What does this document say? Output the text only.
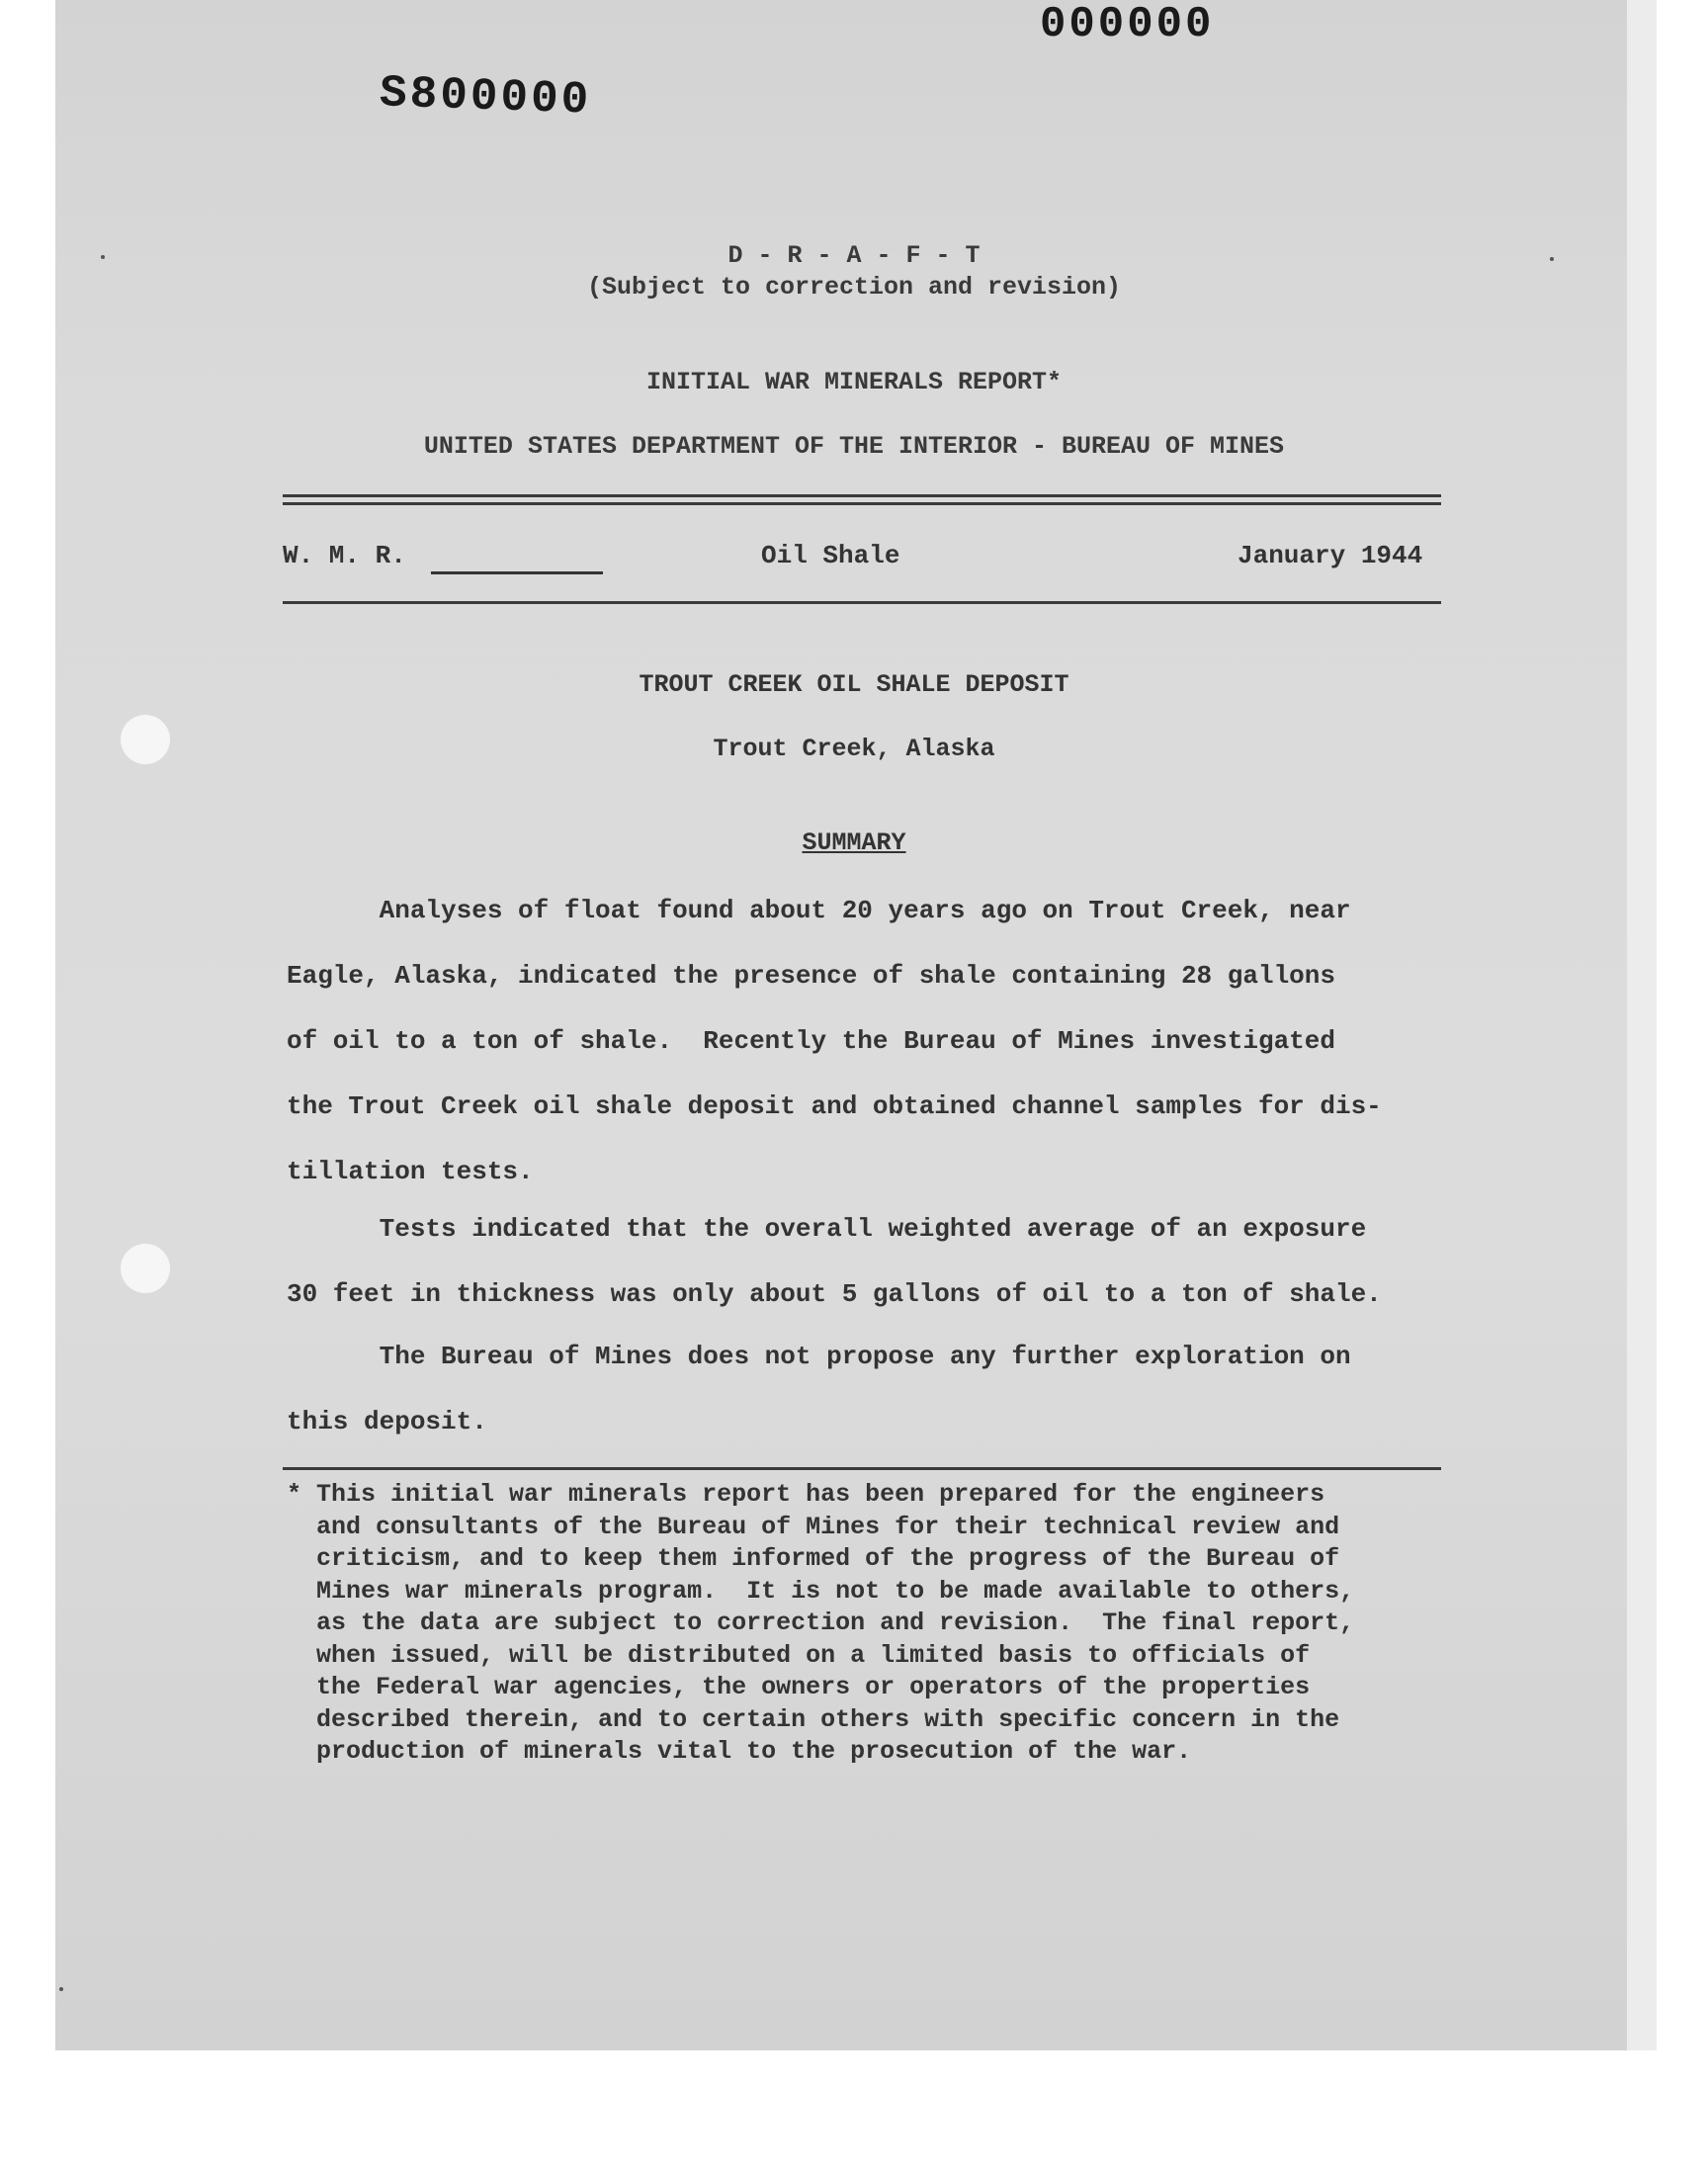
000000
S800000
D - R - A - F - T
(Subject to correction and revision)
INITIAL WAR MINERALS REPORT*
UNITED STATES DEPARTMENT OF THE INTERIOR - BUREAU OF MINES
W. M. R.	Oil Shale	January 1944
TROUT CREEK OIL SHALE DEPOSIT
Trout Creek, Alaska
SUMMARY
Analyses of float found about 20 years ago on Trout Creek, near
Eagle, Alaska, indicated the presence of shale containing 28 gallons
of oil to a ton of shale.  Recently the Bureau of Mines investigated
the Trout Creek oil shale deposit and obtained channel samples for dis-
tillation tests.
Tests indicated that the overall weighted average of an exposure
30 feet in thickness was only about 5 gallons of oil to a ton of shale.
The Bureau of Mines does not propose any further exploration on
this deposit.
* This initial war minerals report has been prepared for the engineers
and consultants of the Bureau of Mines for their technical review and
criticism, and to keep them informed of the progress of the Bureau of
Mines war minerals program.  It is not to be made available to others,
as the data are subject to correction and revision.  The final report,
when issued, will be distributed on a limited basis to officials of
the Federal war agencies, the owners or operators of the properties
described therein, and to certain others with specific concern in the
production of minerals vital to the prosecution of the war.
